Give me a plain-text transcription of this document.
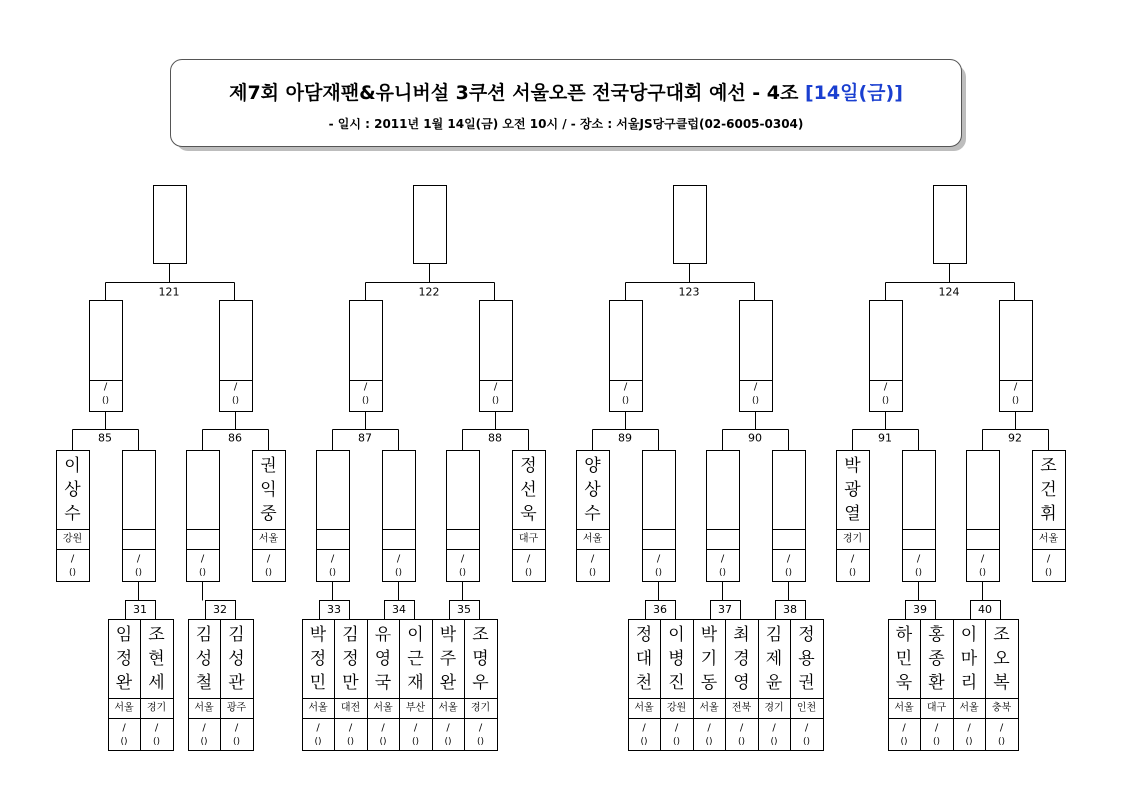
제7회 아담재팬&유니버설 3쿠션 서울오픈 전국당구대회 예선 - 4조 [14일(금)]
- 일시 : 2011년 1월 14일(금) 오전 10시 / - 장소 : 서울JS당구클럽(02-6005-0304)
121
/
()
85
/
()
이
상
수
강원
/
()
31
임
정
완
서울
/
()
조
현
세
경기
/
()
/
()
86
/
()
/
()
권
익
중
서울
32
김
성
철
서울
/
()
김
성
관
광주
/
()
122
/
()
87
/
()
/
()
33
박
정
민
서울
/
()
김
정
만
대전
/
()
34
유
영
국
서울
/
()
이
근
재
부산
/
()
/
()
88
/
()
/
()
정
선
욱
대구
35
박
주
완
서울
/
()
조
명
우
경기
/
()
123
/
()
89
/
()
양
상
수
서울
/
()
36
정
대
천
서울
/
()
이
병
진
강원
/
()
/
()
90
/
()
/
()
37
박
기
동
서울
/
()
최
경
영
전북
/
()
38
김
제
윤
경기
/
()
정
용
권
인천
/
()
124
/
()
91
/
()
박
광
열
경기
/
()
39
하
민
욱
서울
/
()
홍
종
환
대구
/
()
/
()
92
/
()
/
()
조
건
휘
서울
40
이
마
리
서울
/
()
조
오
복
충북
/
()
